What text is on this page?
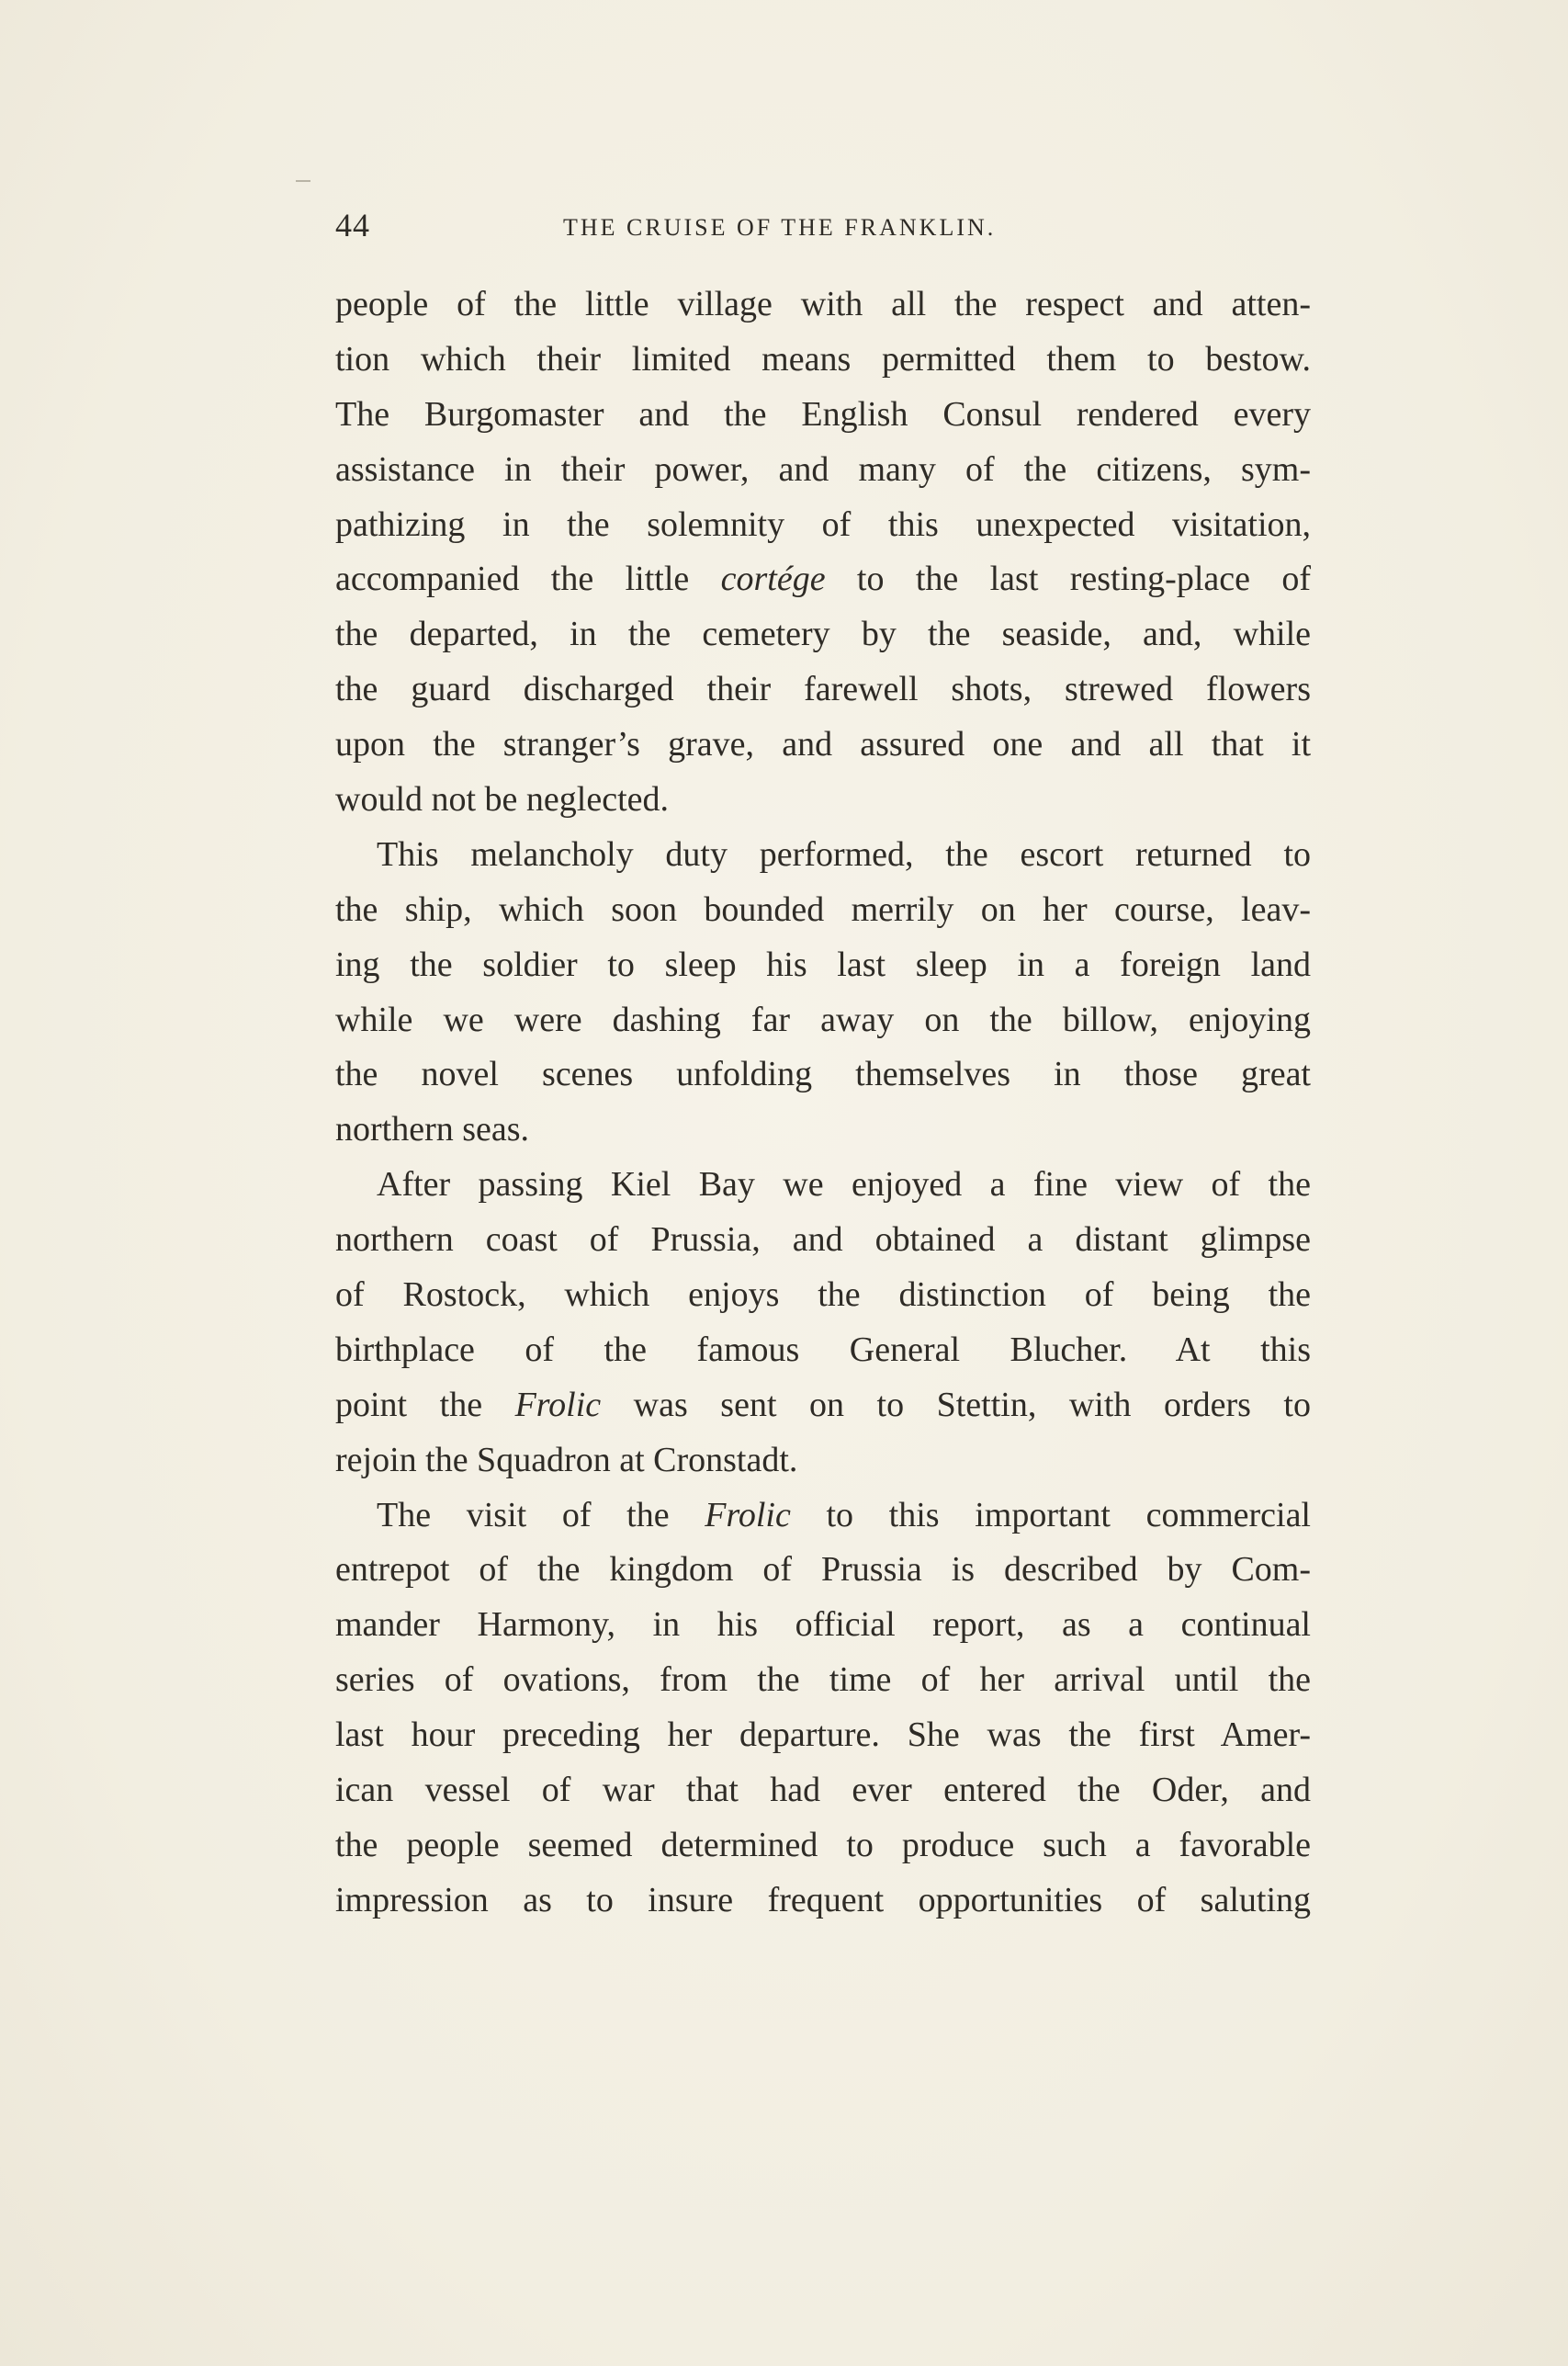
44	THE CRUISE OF THE FRANKLIN.
people of the little village with all the respect and atten-
tion which their limited means permitted them to bestow.
The Burgomaster and the English Consul rendered every
assistance in their power, and many of the citizens, sym-
pathizing in the solemnity of this unexpected visitation,
accompanied the little cortége to the last resting-place of
the departed, in the cemetery by the seaside, and, while
the guard discharged their farewell shots, strewed flowers
upon the stranger’s grave, and assured one and all that it
would not be neglected.
This melancholy duty performed, the escort returned to
the ship, which soon bounded merrily on her course, leav-
ing the soldier to sleep his last sleep in a foreign land
while we were dashing far away on the billow, enjoying
the novel scenes unfolding themselves in those great
northern seas.
After passing Kiel Bay we enjoyed a fine view of the
northern coast of Prussia, and obtained a distant glimpse
of Rostock, which enjoys the distinction of being the
birthplace of the famous General Blucher. At this
point the Frolic was sent on to Stettin, with orders to
rejoin the Squadron at Cronstadt.
The visit of the Frolic to this important commercial
entrepot of the kingdom of Prussia is described by Com-
mander Harmony, in his official report, as a continual
series of ovations, from the time of her arrival until the
last hour preceding her departure. She was the first Amer-
ican vessel of war that had ever entered the Oder, and
the people seemed determined to produce such a favorable
impression as to insure frequent opportunities of saluting
